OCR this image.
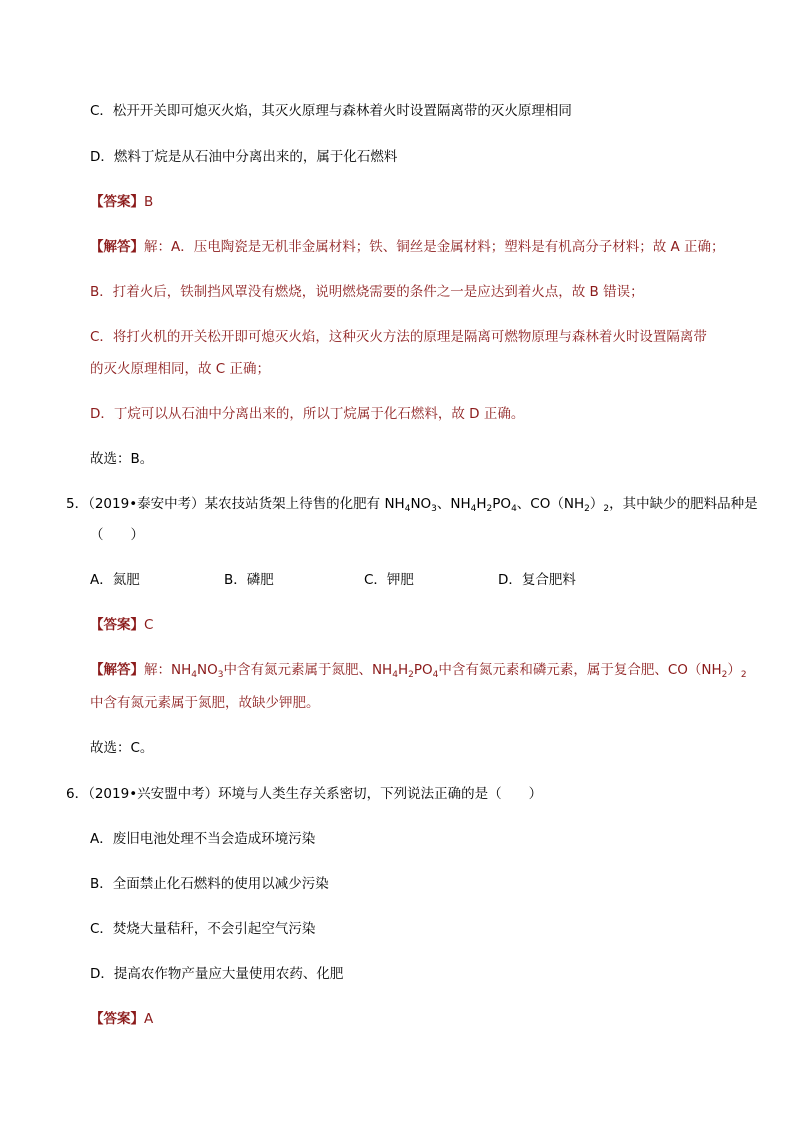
C．松开开关即可熄灭火焰，其灭火原理与森林着火时设置隔离带的灭火原理相同
D．燃料丁烷是从石油中分离出来的，属于化石燃料
【答案】B
【解答】解：A．压电陶瓷是无机非金属材料；铁、铜丝是金属材料；塑料是有机高分子材料；故 A 正确；
B．打着火后，铁制挡风罩没有燃烧，说明燃烧需要的条件之一是应达到着火点，故 B 错误；
C．将打火机的开关松开即可熄灭火焰，这种灭火方法的原理是隔离可燃物原理与森林着火时设置隔离带
的灭火原理相同，故 C 正确；
D．丁烷可以从石油中分离出来的，所以丁烷属于化石燃料，故 D 正确。
故选：B。
5．（2019•泰安中考）某农技站货架上待售的化肥有 $NH_4NO_3$、$NH_4H_2PO_4$、$CO(NH_2)_2$，其中缺少的肥料品种是
（　　）
A．氮肥	B．磷肥	C．钾肥	D．复合肥料
【答案】C
【解答】解：$NH_4NO_3$中含有氮元素属于氮肥、$NH_4H_2PO_4$中含有氮元素和磷元素，属于复合肥、$CO(NH_2)_2$
中含有氮元素属于氮肥，故缺少钾肥。
故选：C。
6．（2019•兴安盟中考）环境与人类生存关系密切，下列说法正确的是（　　）
A．废旧电池处理不当会造成环境污染
B．全面禁止化石燃料的使用以减少污染
C．焚烧大量秸秆，不会引起空气污染
D．提高农作物产量应大量使用农药、化肥
【答案】A
